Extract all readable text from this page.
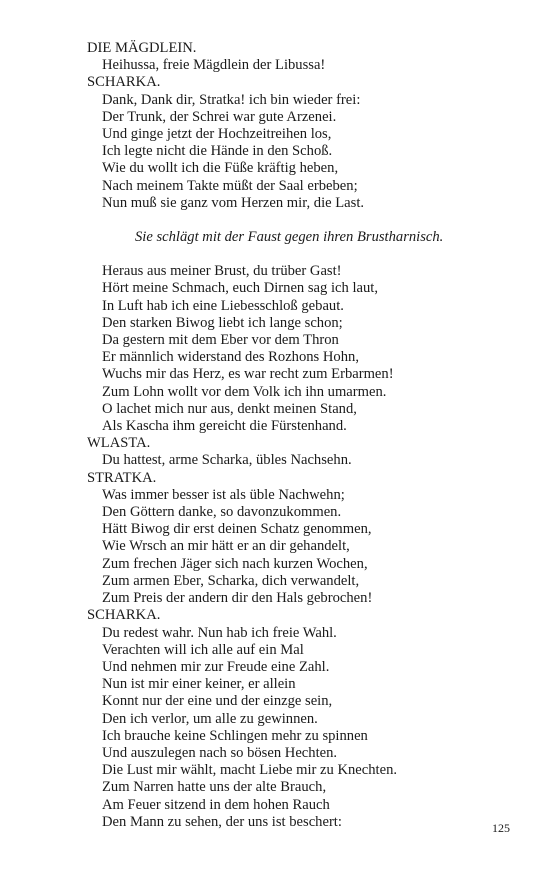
DIE MÄGDLEIN.
Heihussa, freie Mägdlein der Libussa!
SCHARKA.
Dank, Dank dir, Stratka! ich bin wieder frei:
Der Trunk, der Schrei war gute Arzenei.
Und ginge jetzt der Hochzeitreihen los,
Ich legte nicht die Hände in den Schoß.
Wie du wollt ich die Füße kräftig heben,
Nach meinem Takte müßt der Saal erbeben;
Nun muß sie ganz vom Herzen mir, die Last.
Sie schlägt mit der Faust gegen ihren Brustharnisch.
Heraus aus meiner Brust, du trüber Gast!
Hört meine Schmach, euch Dirnen sag ich laut,
In Luft hab ich eine Liebesschloß gebaut.
Den starken Biwog liebt ich lange schon;
Da gestern mit dem Eber vor dem Thron
Er männlich widerstand des Rozhons Hohn,
Wuchs mir das Herz, es war recht zum Erbarmen!
Zum Lohn wollt vor dem Volk ich ihn umarmen.
O lachet mich nur aus, denkt meinen Stand,
Als Kascha ihm gereicht die Fürstenhand.
WLASTA.
Du hattest, arme Scharka, übles Nachsehn.
STRATKA.
Was immer besser ist als üble Nachwehn;
Den Göttern danke, so davonzukommen.
Hätt Biwog dir erst deinen Schatz genommen,
Wie Wrsch an mir hätt er an dir gehandelt,
Zum frechen Jäger sich nach kurzen Wochen,
Zum armen Eber, Scharka, dich verwandelt,
Zum Preis der andern dir den Hals gebrochen!
SCHARKA.
Du redest wahr. Nun hab ich freie Wahl.
Verachten will ich alle auf ein Mal
Und nehmen mir zur Freude eine Zahl.
Nun ist mir einer keiner, er allein
Konnt nur der eine und der einzge sein,
Den ich verlor, um alle zu gewinnen.
Ich brauche keine Schlingen mehr zu spinnen
Und auszulegen nach so bösen Hechten.
Die Lust mir wählt, macht Liebe mir zu Knechten.
Zum Narren hatte uns der alte Brauch,
Am Feuer sitzend in dem hohen Rauch
Den Mann zu sehen, der uns ist beschert:	125
